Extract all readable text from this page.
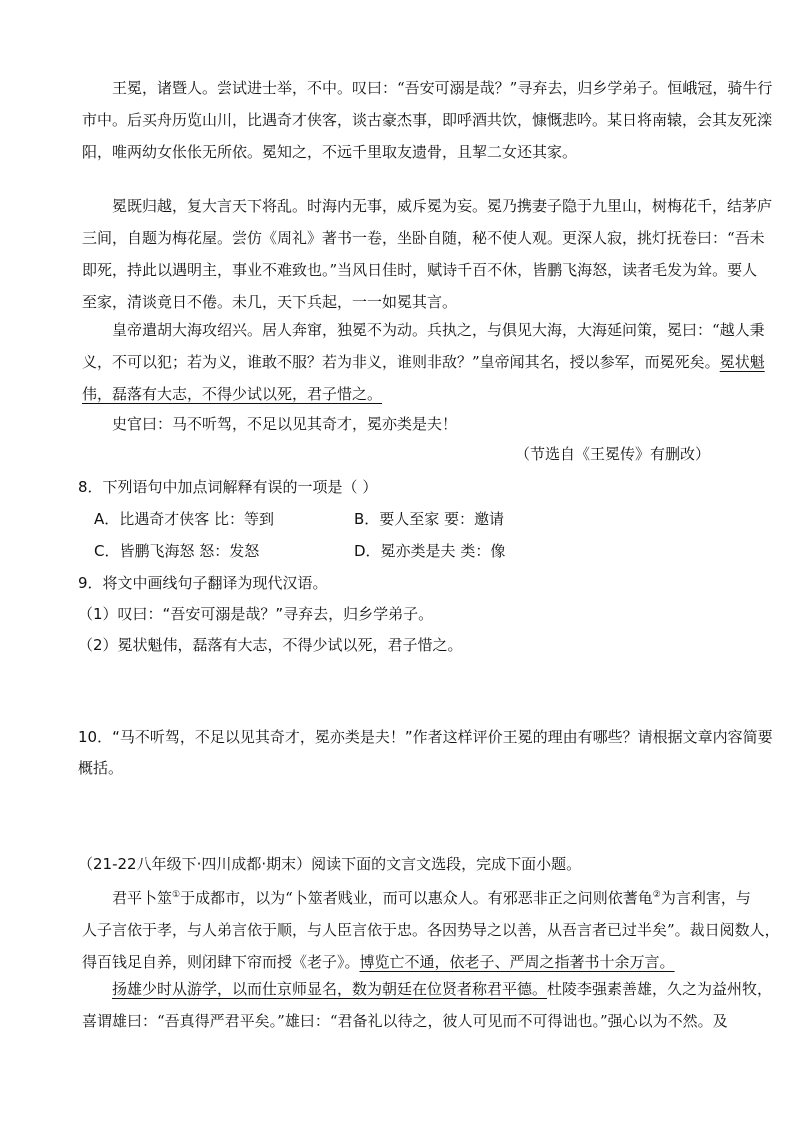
王冕，诸暨人。尝试进士举，不中。叹曰：“吾安可溺是哉？”寻弃去，归乡学弟子。恒峨冠，骑牛行
市中。后买舟历览山川，比遇奇才侠客，谈古豪杰事，即呼酒共饮，慷慨悲吟。某日将南辕，会其友死滦
阳，唯两幼女伥伥无所依。冕知之，不远千里取友遗骨，且挈二女还其家。
冕既归越，复大言天下将乱。时海内无事，威斥冕为妄。冕乃携妻子隐于九里山，树梅花千，结茅庐
三间，自题为梅花屋。尝仿《周礼》著书一卷，坐卧自随，秘不使人观。更深人寂，挑灯抚卷曰：“吾未
即死，持此以遇明主，事业不难致也。”当风日佳时，赋诗千百不休，皆鹏飞海怒，读者毛发为耸。要人
至家，清谈竟日不倦。未几，天下兵起，一一如冕其言。
皇帝遣胡大海攻绍兴。居人奔窜，独冕不为动。兵执之，与俱见大海，大海延问策，冕曰：“越人秉
义，不可以犯；若为义，谁敢不服？若为非义，谁则非敌？”皇帝闻其名，授以参军，而冕死矣。冕状魁
伟，磊落有大志，不得少试以死，君子惜之。
史官曰：马不听驾，不足以见其奇才，冕亦类是夫！
（节选自《王冕传》有删改）
8．下列语句中加点词解释有误的一项是（ ）
A．比遇奇才侠客 比：等到	B．要人至家 要：邀请
C．皆鹏飞海怒 怒：发怒	D．冕亦类是夫 类：像
9．将文中画线句子翻译为现代汉语。
（1）叹曰：“吾安可溺是哉？”寻弃去，归乡学弟子。
（2）冕状魁伟，磊落有大志，不得少试以死，君子惜之。
10．“马不听驾，不足以见其奇才，冕亦类是夫！”作者这样评价王冕的理由有哪些？请根据文章内容简要
概括。
（21-22八年级下·四川成都·期末）阅读下面的文言文选段，完成下面小题。
君平卜筮①于成都市，以为“卜筮者贱业，而可以惠众人。有邪恶非正之问则依蓍龟②为言利害，与
人子言依于孝，与人弟言依于顺，与人臣言依于忠。各因势导之以善，从吾言者已过半矣”。裁日阅数人，
得百钱足自养，则闭肆下帘而授《老子》。博览亡不通，依老子、严周之指著书十余万言。
扬雄少时从游学，以而仕京师显名，数为朝廷在位贤者称君平德。杜陵李强素善雄，久之为益州牧，
喜谓雄曰：“吾真得严君平矣。”雄曰：“君备礼以待之，彼人可见而不可得诎也。”强心以为不然。及
